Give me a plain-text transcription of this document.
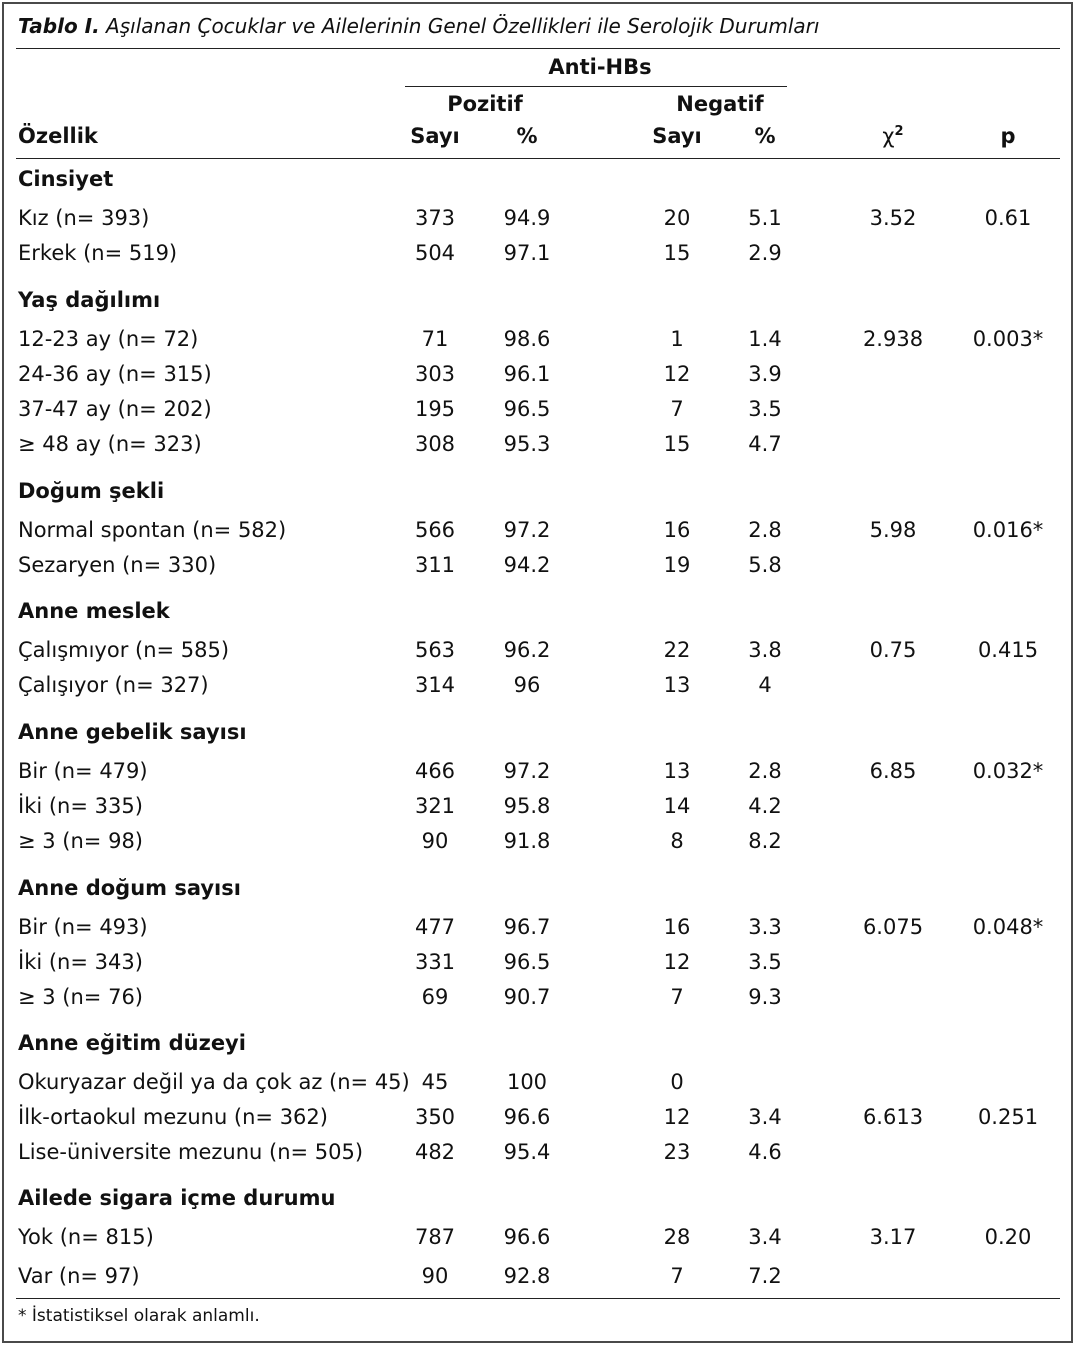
Tablo I. Aşılanan Çocuklar ve Ailelerinin Genel Özellikleri ile Serolojik Durumları
Anti-HBs
Pozitif	Negatif
Özellik	Sayı	%	Sayı	%	$\chi^2$	p
Cinsiyet
Kız (n= 393)	373	94.9	20	5.1	3.52	0.61
Erkek (n= 519)	504	97.1	15	2.9
Yaş dağılımı
12-23 ay (n= 72)	71	98.6	1	1.4	2.938	0.003*
24-36 ay (n= 315)	303	96.1	12	3.9
37-47 ay (n= 202)	195	96.5	7	3.5
≥ 48 ay (n= 323)	308	95.3	15	4.7
Doğum şekli
Normal spontan (n= 582)	566	97.2	16	2.8	5.98	0.016*
Sezaryen (n= 330)	311	94.2	19	5.8
Anne meslek
Çalışmıyor (n= 585)	563	96.2	22	3.8	0.75	0.415
Çalışıyor (n= 327)	314	96	13	4
Anne gebelik sayısı
Bir (n= 479)	466	97.2	13	2.8	6.85	0.032*
İki (n= 335)	321	95.8	14	4.2
≥ 3 (n= 98)	90	91.8	8	8.2
Anne doğum sayısı
Bir (n= 493)	477	96.7	16	3.3	6.075	0.048*
İki (n= 343)	331	96.5	12	3.5
≥ 3 (n= 76)	69	90.7	7	9.3
Anne eğitim düzeyi
Okuryazar değil ya da çok az (n= 45) 45	100	0
İlk-ortaokul mezunu (n= 362)	350	96.6	12	3.4	6.613	0.251
Lise-üniversite mezunu (n= 505)	482	95.4	23	4.6
Ailede sigara içme durumu
Yok (n= 815)	787	96.6	28	3.4	3.17	0.20
Var (n= 97)	90	92.8	7	7.2
* İstatistiksel olarak anlamlı.
